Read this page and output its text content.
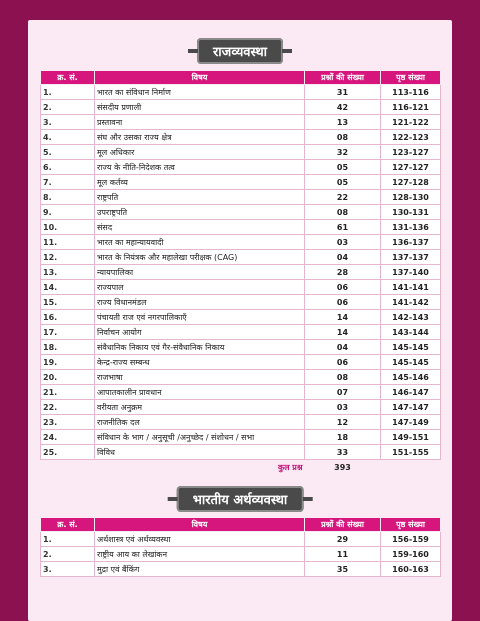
राजव्यवस्था
क्र. सं.	विषय	प्रश्नों की संख्या	पृष्ठ संख्या
1.	भारत का संविधान निर्माण	31	113-116
2.	संसदीय प्रणाली	42	116-121
3.	प्रस्तावना	13	121-122
4.	संघ और उसका राज्य क्षेत्र	08	122-123
5.	मूल अधिकार	32	123-127
6.	राज्य के नीति-निदेशक तत्व	05	127-127
7.	मूल कर्तव्य	05	127-128
8.	राष्ट्रपति	22	128-130
9.	उपराष्ट्रपति	08	130-131
10.	संसद	61	131-136
11.	भारत का महान्यायवादी	03	136-137
12.	भारत के नियंत्रक और महालेखा परीक्षक (CAG)	04	137-137
13.	न्यायपालिका	28	137-140
14.	राज्यपाल	06	141-141
15.	राज्य विधानमंडल	06	141-142
16.	पंचायती राज एवं नगरपालिकाएँ	14	142-143
17.	निर्वाचन आयोग	14	143-144
18.	संवैधानिक निकाय एवं गैर-संवैधानिक निकाय	04	145-145
19.	केन्द्र-राज्य सम्बन्ध	06	145-145
20.	राजभाषा	08	145-146
21.	आपातकालीन प्रावधान	07	146-147
22.	वरीयता अनुक्रम	03	147-147
23.	राजनीतिक दल	12	147-149
24.	संविधान के भाग / अनुसूची /अनुच्छेद / संशोधन / सभा	18	149-151
25.	विविध	33	151-155
	कुल प्रश्न	393	
भारतीय अर्थव्यवस्था
क्र. सं.	विषय	प्रश्नों की संख्या	पृष्ठ संख्या
1.	अर्थशास्त्र एवं अर्थव्यवस्था	29	156-159
2.	राष्ट्रीय आय का लेखांकन	11	159-160
3.	मुद्रा एवं बैंकिंग	35	160-163
